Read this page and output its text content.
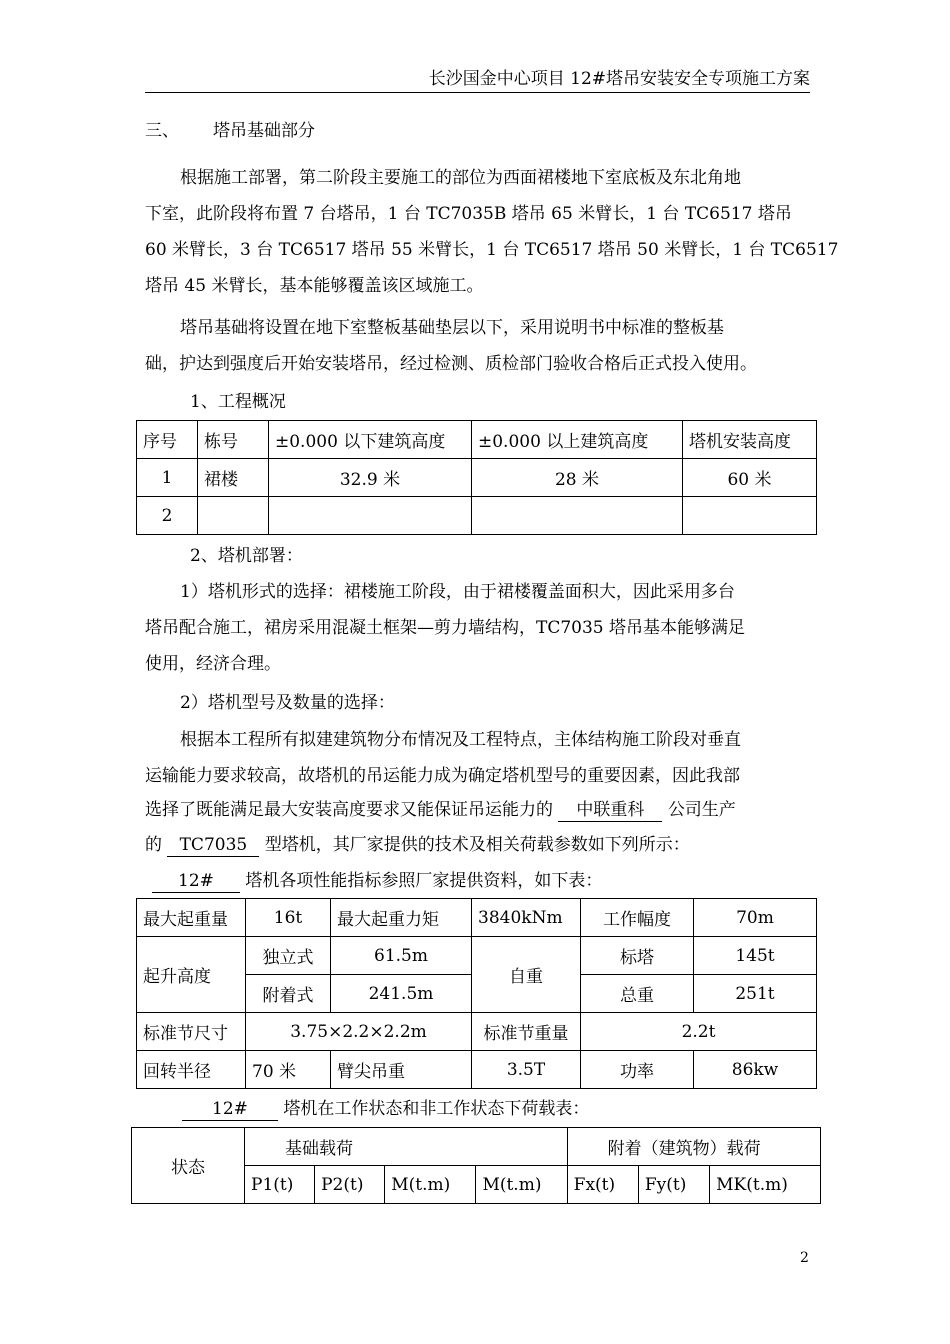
长沙国金中心项目 12#塔吊安装安全专项施工方案
三、 塔吊基础部分
根据施工部署，第二阶段主要施工的部位为西面裙楼地下室底板及东北角地
下室，此阶段将布置 7 台塔吊，1 台 TC7035B 塔吊 65 米臂长，1 台 TC6517 塔吊
60 米臂长，3 台 TC6517 塔吊 55 米臂长，1 台 TC6517 塔吊 50 米臂长，1 台 TC6517
塔吊 45 米臂长，基本能够覆盖该区域施工。
塔吊基础将设置在地下室整板基础垫层以下，采用说明书中标准的整板基
础，护达到强度后开始安装塔吊，经过检测、质检部门验收合格后正式投入使用。
1、工程概况
序号	栋号	±0.000 以下建筑高度	±0.000 以上建筑高度	塔机安装高度
1	裙楼	32.9 米	28 米	60 米
2				
2、塔机部署：
1）塔机形式的选择：裙楼施工阶段，由于裙楼覆盖面积大，因此采用多台
塔吊配合施工，裙房采用混凝土框架—剪力墙结构，TC7035 塔吊基本能够满足
使用，经济合理。
2）塔机型号及数量的选择：
根据本工程所有拟建建筑物分布情况及工程特点，主体结构施工阶段对垂直
运输能力要求较高，故塔机的吊运能力成为确定塔机型号的重要因素，因此我部
选择了既能满足最大安装高度要求又能保证吊运能力的 中联重科 公司生产
的 TC7035 型塔机，其厂家提供的技术及相关荷载参数如下列所示：
12# 塔机各项性能指标参照厂家提供资料，如下表：
最大起重量	16t	最大起重力矩	3840kNm	工作幅度	70m
起升高度	独立式	61.5m	自重	标塔	145t
	附着式	241.5m		总重	251t
标准节尺寸	3.75×2.2×2.2m		标准节重量	2.2t	
回转半径	70 米	臂尖吊重	3.5T	功率	86kw
12# 塔机在工作状态和非工作状态下荷载表：
状态	基础载荷				附着（建筑物）载荷		
	P1(t)	P2(t)	M(t.m)	M(t.m)	Fx(t)	Fy(t)	MK(t.m)
2
